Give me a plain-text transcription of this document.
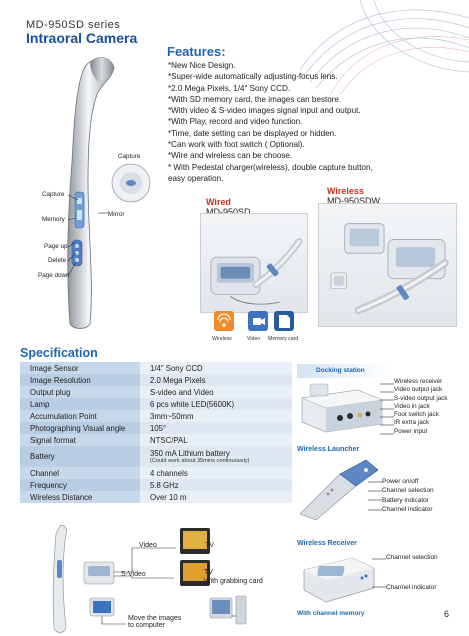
MD-950SD series
Intraoral Camera
Features:
*New Nice Design.
*Super-wide automatically adjusting-focus lens.
*2.0 Mega Pixels, 1/4" Sony CCD.
*With SD memory card, the images can bestore.
*With video & S-video images signal input and output.
*With Play, record and video function.
*Time, date setting can be displayed or hidden.
*Can work with foot switch ( Optional).
*Wire and wireless can be choose.
* With Pedestal charger(wireless), double capture button,
easy operation.
Capture
Capture
Memory
Mirror
Page up
Delete
Page down
Wired
MD-950SD
Wireless
MD-950SDW
Wireless	Video Memory card
Specification
Image Sensor	1/4" Sony CCD
Image Resolution	2.0 Mega Pixels
Output plug	S-video and Video
Lamp	6 pcs white LED(5600K)
Accumulation Point	3mm~50mm
Photographing Visual angle	105°
Signal format	NTSC/PAL
Battery	350 mA Lithium battery
(Could work about 35mins continuously)

Channel	4 channels
Frequency	5.8 GHz
Wireless Distance	Over 10 m
Docking station
Wireless receiver
Video output jack
S-video output jack
Video in jack
Foot switch jack
IR extra jack
Power input
Wireless Launcher
Power on/off
Channel selection
Battery indicator
Channel indicator
Wireless Receiver
Channel selection
Channel indicator
With channel memory
Video	TV
S-Video	TV
With grabbing card
Move the images
to computer
6
